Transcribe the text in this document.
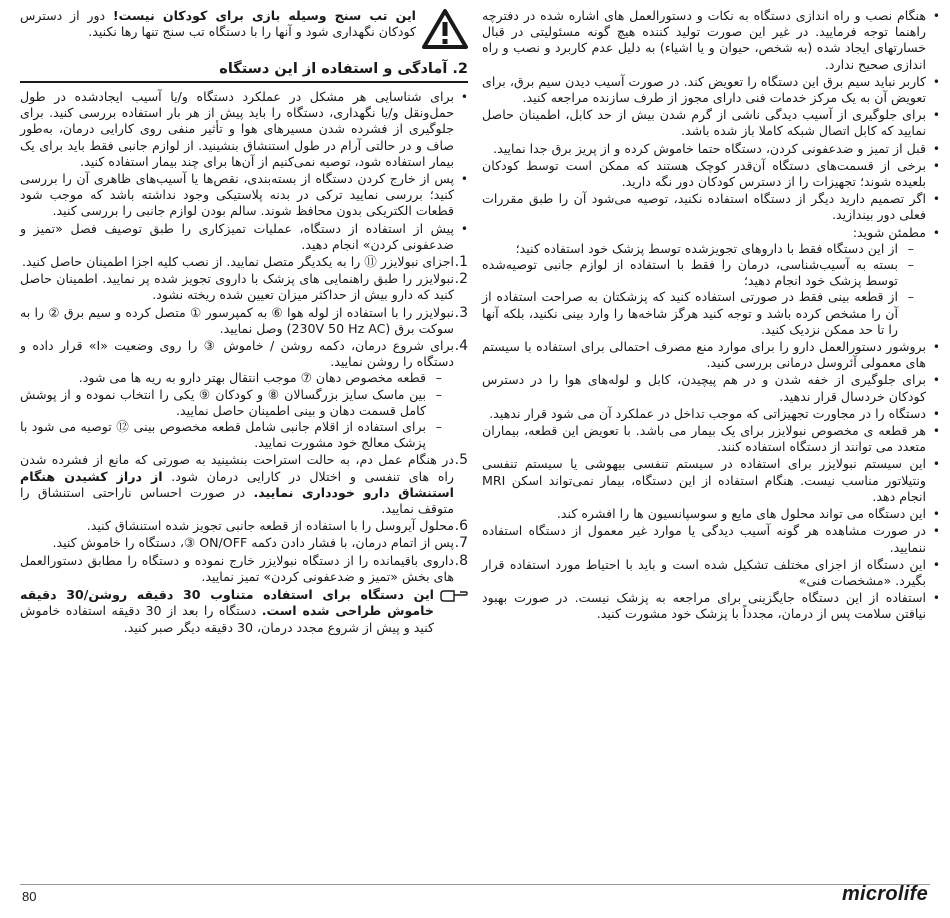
• هنگام نصب و راه اندازی دستگاه به نکات و دستورالعمل های اشاره شده در دفترچه راهنما توجه فرمایید. در غیر این صورت تولید کننده هیچ گونه مسئولیتی در قبال خسارتهای ایجاد شده (به شخص، حیوان و یا اشیاء) به دلیل عدم کاربرد و نصب و راه اندازی صحیح ندارد.
• کاربر نباید سیم برق این دستگاه را تعویض کند. در صورت آسیب دیدن سیم برق، برای تعویض آن به یک مرکز خدمات فنی دارای مجوز از طرف سازنده مراجعه کنید.
• برای جلوگیری از آسیب دیدگی ناشی از گرم شدن بیش از حد کابل، اطمینان حاصل نمایید که کابل اتصال شبکه کاملا باز شده باشد.
• قبل از تمیز و ضدعفونی کردن، دستگاه حتما خاموش کرده و از پریز برق جدا نمایید.
• برخی از قسمت‌های دستگاه آن‌قدر کوچک هستند که ممکن است توسط کودکان بلعیده شوند؛ تجهیزات را از دسترس کودکان دور نگه دارید.
• اگر تصمیم دارید دیگر از دستگاه استفاده نکنید، توصیه می‌شود آن را طبق مقررات فعلی دور بیندازید.
• مطمئن شوید:
– از این دستگاه فقط با داروهای تجویزشده توسط پزشک خود استفاده کنید؛
– بسته به آسیب‌شناسی، درمان را فقط با استفاده از لوازم جانبی توصیه‌شده توسط پزشک خود انجام دهید؛
– از قطعه بینی فقط در صورتی استفاده کنید که پزشکتان به صراحت استفاده از آن را مشخص کرده باشد و توجه کنید هرگز شاخه‌ها را وارد بینی نکنید، بلکه آنها را تا حد ممکن نزدیک کنید.
• بروشور دستورالعمل دارو را برای موارد منع مصرف احتمالی برای استفاده با سیستم های معمولی آئروسل درمانی بررسی کنید.
• برای جلوگیری از خفه شدن و در هم پیچیدن، کابل و لوله‌های هوا را در دسترس کودکان خردسال قرار ندهید.
• دستگاه را در مجاورت تجهیزاتی که موجب تداخل در عملکرد آن می شود قرار ندهید.
• هر قطعه ی مخصوص نبولایزر برای یک بیمار می باشد. با تعویض این قطعه، بیماران متعدد می توانند از دستگاه استفاده کنند.
• این سیستم نبولایزر برای استفاده در سیستم تنفسی بیهوشی یا سیستم تنفسی ونتیلاتور مناسب نیست. هنگام استفاده از این دستگاه، بیمار نمی‌تواند اسکن MRI انجام دهد.
• این دستگاه می تواند محلول های مایع و سوسپانسیون ها را افشره کند.
• در صورت مشاهده هر گونه آسیب دیدگی یا موارد غیر معمول از دستگاه استفاده ننمایید.
• این دستگاه از اجزای مختلف تشکیل شده است و باید با احتیاط مورد استفاده قرار بگیرد. «مشخصات فنی»
• استفاده از این دستگاه جایگزینی برای مراجعه به پزشک نیست. در صورت بهبود نیافتن سلامت پس از درمان، مجدداً با پزشک خود مشورت کنید.
این تب سنج وسیله بازی برای کودکان نیست! دور از دسترس کودکان نگهداری شود و آنها را با دستگاه تب سنج تنها رها نکنید.
2. آمادگی و استفاده از این دستگاه
• برای شناسایی هر مشکل در عملکرد دستگاه و/یا آسیب ایجادشده در طول حمل‌ونقل و/یا نگهداری، دستگاه را باید پیش از هر بار استفاده بررسی کنید. برای جلوگیری از فشرده شدن مسیرهای هوا و تأثیر منفی روی کارایی درمان، به‌طور صاف و در حالتی آرام در طول استنشاق بنشینید. از لوازم جانبی فقط باید برای یک بیمار استفاده شود، توصیه نمی‌کنیم از آن‌ها برای چند بیمار استفاده کنید.
• پس از خارج کردن دستگاه از بسته‌بندی، نقص‌ها یا آسیب‌های ظاهری آن را بررسی کنید؛ بررسی نمایید ترکی در بدنه پلاستیکی وجود نداشته باشد که موجب شود قطعات الکتریکی بدون محافظ شوند. سالم بودن لوازم جانبی را بررسی کنید.
• پیش از استفاده از دستگاه، عملیات تمیزکاری را طبق توصیف فصل «تمیز و ضدعفونی کردن» انجام دهید.
1.
اجزای نبولایزر ⑪ را به یکدیگر متصل نمایید. از نصب کلیه اجزا اطمینان حاصل کنید.
2.
نبولایزر را طبق راهنمایی های پزشک با داروی تجویز شده پر نمایید. اطمینان حاصل کنید که دارو بیش از حداکثر میزان تعیین شده ریخته نشود.
3.
نبولایزر را با استفاده از لوله هوا ⑥ به کمپرسور ① متصل کرده و سیم برق ② را به سوکت برق (230V 50 Hz AC) وصل نمایید.
4.
برای شروع درمان، دکمه روشن / خاموش ③ را روی وضعیت «I» قرار داده و دستگاه را روشن نمایید.
– قطعه مخصوص دهان ⑦ موجب انتقال بهتر دارو به ریه ها می شود.
– بین ماسک سایز بزرگسالان ⑧ و کودکان ⑨ یکی را انتخاب نموده و از پوشش کامل قسمت دهان و بینی اطمینان حاصل نمایید.
– برای استفاده از اقلام جانبی شامل قطعه مخصوص بینی ⑫ توصیه می شود با پزشک معالج خود مشورت نمایید.
5.
در هنگام عمل دم، به حالت استراحت بنشینید به صورتی که مانع از فشرده شدن راه های تنفسی و اختلال در کارایی درمان شود. از دراز کشیدن هنگام استنشاق دارو خودداری نمایید. در صورت احساس ناراحتی استنشاق را متوقف نمایید.
6.
محلول آیروسل را با استفاده از قطعه جانبی تجویز شده استنشاق کنید.
7.
پس از اتمام درمان، با فشار دادن دکمه ON/OFF ③، دستگاه را خاموش کنید.
8.
داروی باقیمانده را از دستگاه نبولایزر خارج نموده و دستگاه را مطابق دستورالعمل های بخش «تمیز و ضدعفونی کردن» تمیز نمایید.
این دستگاه برای استفاده متناوب 30 دقیقه روشن/30 دقیقه خاموش طراحی شده است. دستگاه را بعد از 30 دقیقه استفاده خاموش کنید و پیش از شروع مجدد درمان، 30 دقیقه دیگر صبر کنید.
80	microlife
